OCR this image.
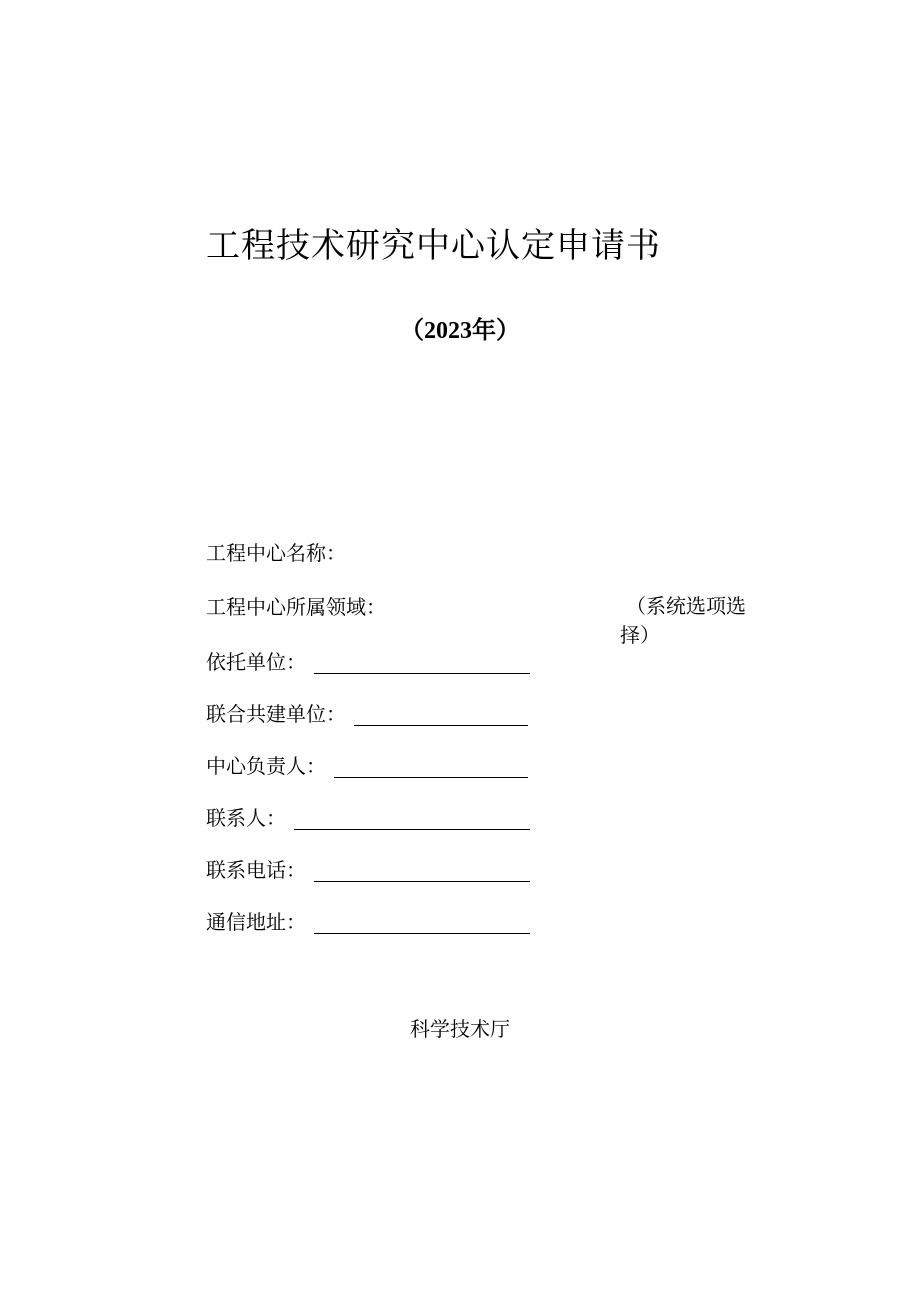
工程技术研究中心认定申请书
（2023年）
工程中心名称：
工程中心所属领域：	（系统选项选择）
依托单位：
联合共建单位：
中心负责人：
联系人：
联系电话：
通信地址：
科学技术厅
